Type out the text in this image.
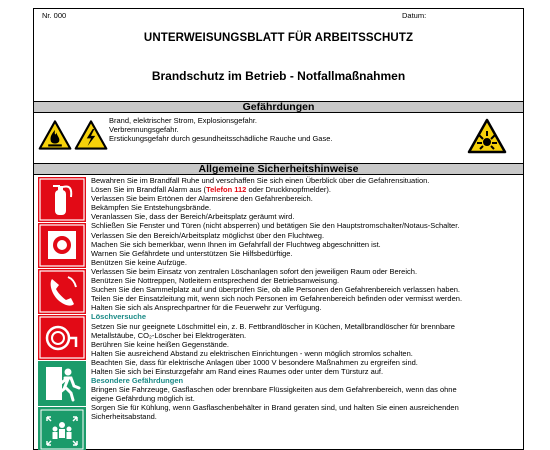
Nr. 000	Datum:
UNTERWEISUNGSBLATT FÜR ARBEITSSCHUTZ
Brandschutz im Betrieb - Notfallmaßnahmen
Gefährdungen
Brand, elektrischer Strom, Explosionsgefahr.
Verbrennungsgefahr.
Erstickungsgefahr durch gesundheitsschädliche Rauche und Gase.
Allgemeine Sicherheitshinweise
Bewahren Sie im Brandfall Ruhe und verschaffen Sie sich einen Überblick über die Gefahrensituation.
Lösen Sie im Brandfall Alarm aus (Telefon 112 oder Druckknopfmelder).
Verlassen Sie beim Ertönen der Alarmsirene den Gefahrenbereich.
Bekämpfen Sie Entstehungsbrände.
Veranlassen Sie, dass der Bereich/Arbeitsplatz geräumt wird.
Schließen Sie Fenster und Türen (nicht absperren) und betätigen Sie den Hauptstromschalter/Notaus-Schalter.
Verlassen Sie den Bereich/Arbeitsplatz möglichst über den Fluchtweg.
Machen Sie sich bemerkbar, wenn Ihnen im Gefahrfall der Fluchtweg abgeschnitten ist.
Warnen Sie Gefährdete und unterstützen Sie Hilfsbedürftige.
Benützen Sie keine Aufzüge.
Verlassen Sie beim Einsatz von zentralen Löschanlagen sofort den jeweiligen Raum oder Bereich.
Benützen Sie Nottreppen, Notleitern entsprechend der Betriebsanweisung.
Suchen Sie den Sammelplatz auf und überprüfen Sie, ob alle Personen den Gefahrenbereich verlassen haben.
Teilen Sie der Einsatzleitung mit, wenn sich noch Personen im Gefahrenbereich befinden oder vermisst werden.
Halten Sie sich als Ansprechpartner für die Feuerwehr zur Verfügung.
Löschversuche
Setzen Sie nur geeignete Löschmittel ein, z. B. Fettbrandlöscher in Küchen, Metallbrandlöscher für brennbare
Metallstäube, CO₂-Löscher bei Elektrogeräten.
Berühren Sie keine heißen Gegenstände.
Halten Sie ausreichend Abstand zu elektrischen Einrichtungen - wenn möglich stromlos schalten.
Beachten Sie, dass für elektrische Anlagen über 1000 V besondere Maßnahmen zu ergreifen sind.
Halten Sie sich bei Einsturzgefahr am Rand eines Raumes oder unter dem Türsturz auf.
Besondere Gefährdungen
Bringen Sie Fahrzeuge, Gasflaschen oder brennbare Flüssigkeiten aus dem Gefahrenbereich, wenn das ohne
eigene Gefährdung möglich ist.
Sorgen Sie für Kühlung, wenn Gasflaschenbehälter in Brand geraten sind, und halten Sie einen ausreichenden
Sicherheitsabstand.
